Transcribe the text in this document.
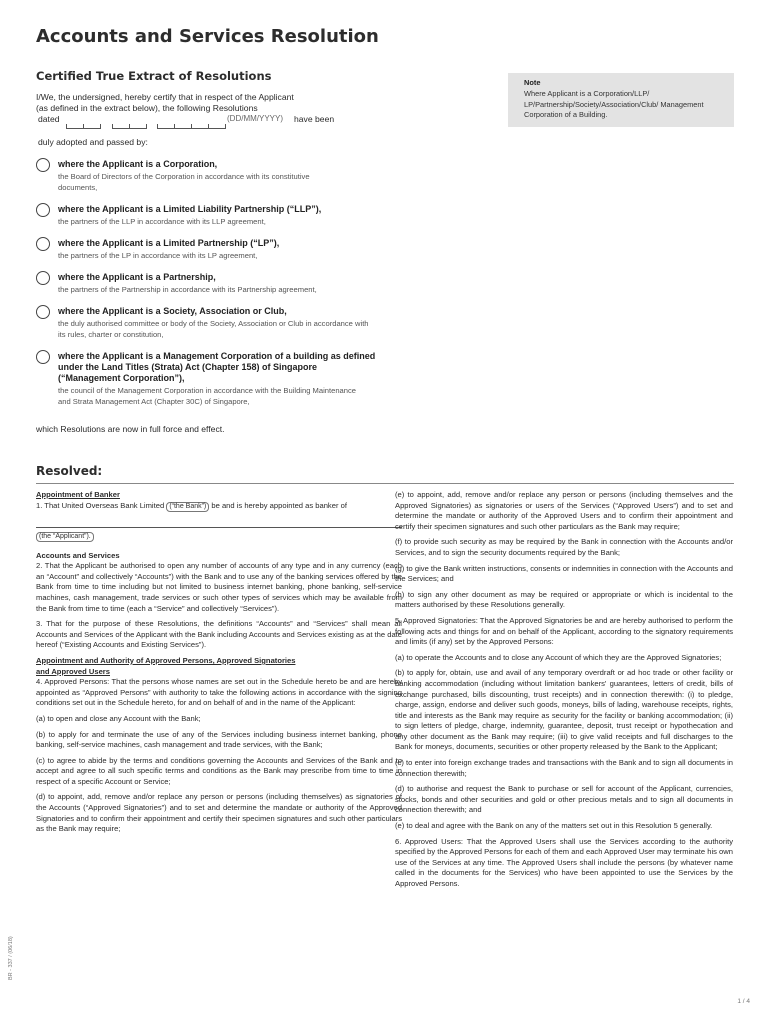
Accounts and Services Resolution
Certified True Extract of Resolutions
I/We, the undersigned, hereby certify that in respect of the Applicant
(as defined in the extract below), the following Resolutions
dated	(DD/MM/YYYY) have been
duly adopted and passed by:
Note
Where Applicant is a Corporation/LLP/ LP/Partnership/Society/Association/Club/ Management Corporation of a Building.
where the Applicant is a Corporation,
the Board of Directors of the Corporation in accordance with its constitutive documents,
where the Applicant is a Limited Liability Partnership (“LLP”),
the partners of the LLP in accordance with its LLP agreement,
where the Applicant is a Limited Partnership (“LP”),
the partners of the LP in accordance with its LP agreement,
where the Applicant is a Partnership,
the partners of the Partnership in accordance with its Partnership agreement,
where the Applicant is a Society, Association or Club,
the duly authorised committee or body of the Society, Association or Club in accordance with its rules, charter or constitution,
where the Applicant is a Management Corporation of a building as defined under the Land Titles (Strata) Act (Chapter 158) of Singapore (“Management Corporation”),
the council of the Management Corporation in accordance with the Building Maintenance and Strata Management Act (Chapter 30C) of Singapore,
which Resolutions are now in full force and effect.
Resolved:
Appointment of Banker
1. That United Overseas Bank Limited (“the Bank”) be and is hereby appointed as banker of
(the “Applicant”).
Accounts and Services
2. That the Applicant be authorised to open any number of accounts of any type and in any currency (each an “Account” and collectively “Accounts”) with the Bank and to use any of the banking services offered by the Bank from time to time including but not limited to business internet banking, phone banking, self-service machines, cash management, trade services or such other types of services which may be available from the Bank from time to time (each a “Service” and collectively “Services”).
3. That for the purpose of these Resolutions, the definitions “Accounts” and “Services” shall mean all Accounts and Services of the Applicant with the Bank including Accounts and Services existing as at the date hereof (“Existing Accounts and Existing Services”).
Appointment and Authority of Approved Persons, Approved Signatories
and Approved Users
4. Approved Persons: That the persons whose names are set out in the Schedule hereto be and are hereby appointed as “Approved Persons” with authority to take the following actions in accordance with the signing conditions set out in the Schedule hereto, for and on behalf of and in the name of the Applicant:
(a) to open and close any Account with the Bank;
(b) to apply for and terminate the use of any of the Services including business internet banking, phone banking, self-service machines, cash management and trade services, with the Bank;
(c) to agree to abide by the terms and conditions governing the Accounts and Services of the Bank and to accept and agree to all such specific terms and conditions as the Bank may prescribe from time to time in respect of a specific Account or Service;
(d) to appoint, add, remove and/or replace any person or persons (including themselves) as signatories of the Accounts (“Approved Signatories”) and to set and determine the mandate or authority of the Approved Signatories and to confirm their appointment and certify their specimen signatures and such other particulars as the Bank may require;
(e) to appoint, add, remove and/or replace any person or persons (including themselves and the Approved Signatories) as signatories or users of the Services (“Approved Users”) and to set and determine the mandate or authority of the Approved Users and to confirm their appointment and certify their specimen signatures and such other particulars as the Bank may require;
(f) to provide such security as may be required by the Bank in connection with the Accounts and/or Services, and to sign the security documents required by the Bank;
(g) to give the Bank written instructions, consents or indemnities in connection with the Accounts and the Services; and
(h) to sign any other document as may be required or appropriate or which is incidental to the matters authorised by these Resolutions generally.
5. Approved Signatories: That the Approved Signatories be and are hereby authorised to perform the following acts and things for and on behalf of the Applicant, according to the signatory requirements and limits (if any) set by the Approved Persons:
(a) to operate the Accounts and to close any Account of which they are the Approved Signatories;
(b) to apply for, obtain, use and avail of any temporary overdraft or ad hoc trade or other facility or banking accommodation (including without limitation bankers' guarantees, letters of credit, bills of exchange purchased, bills discounting, trust receipts) and in connection therewith: (i) to pledge, charge, assign, endorse and deliver such goods, moneys, bills of lading, warehouse receipts, rights, title and interests as the Bank may require as security for the facility or banking accommodation; (ii) to sign letters of pledge, charge, indemnity, guarantee, deposit, trust receipt or hypothecation and any other document as the Bank may require; (iii) to give valid receipts and full discharges to the Bank for moneys, documents, securities or other property released by the Bank to the Applicant;
(c) to enter into foreign exchange trades and transactions with the Bank and to sign all documents in connection therewith;
(d) to authorise and request the Bank to purchase or sell for account of the Applicant, currencies, stocks, bonds and other securities and gold or other precious metals and to sign all documents in connection therewith; and
(e) to deal and agree with the Bank on any of the matters set out in this Resolution 5 generally.
6. Approved Users: That the Approved Users shall use the Services according to the authority specified by the Approved Persons for each of them and each Approved User may terminate his own use of the Services at any time. The Approved Users shall include the persons (by whatever name called in the documents for the Services) who have been appointed to use the Services by the Approved Persons.
BR - 337 / (06/18)
1 / 4
